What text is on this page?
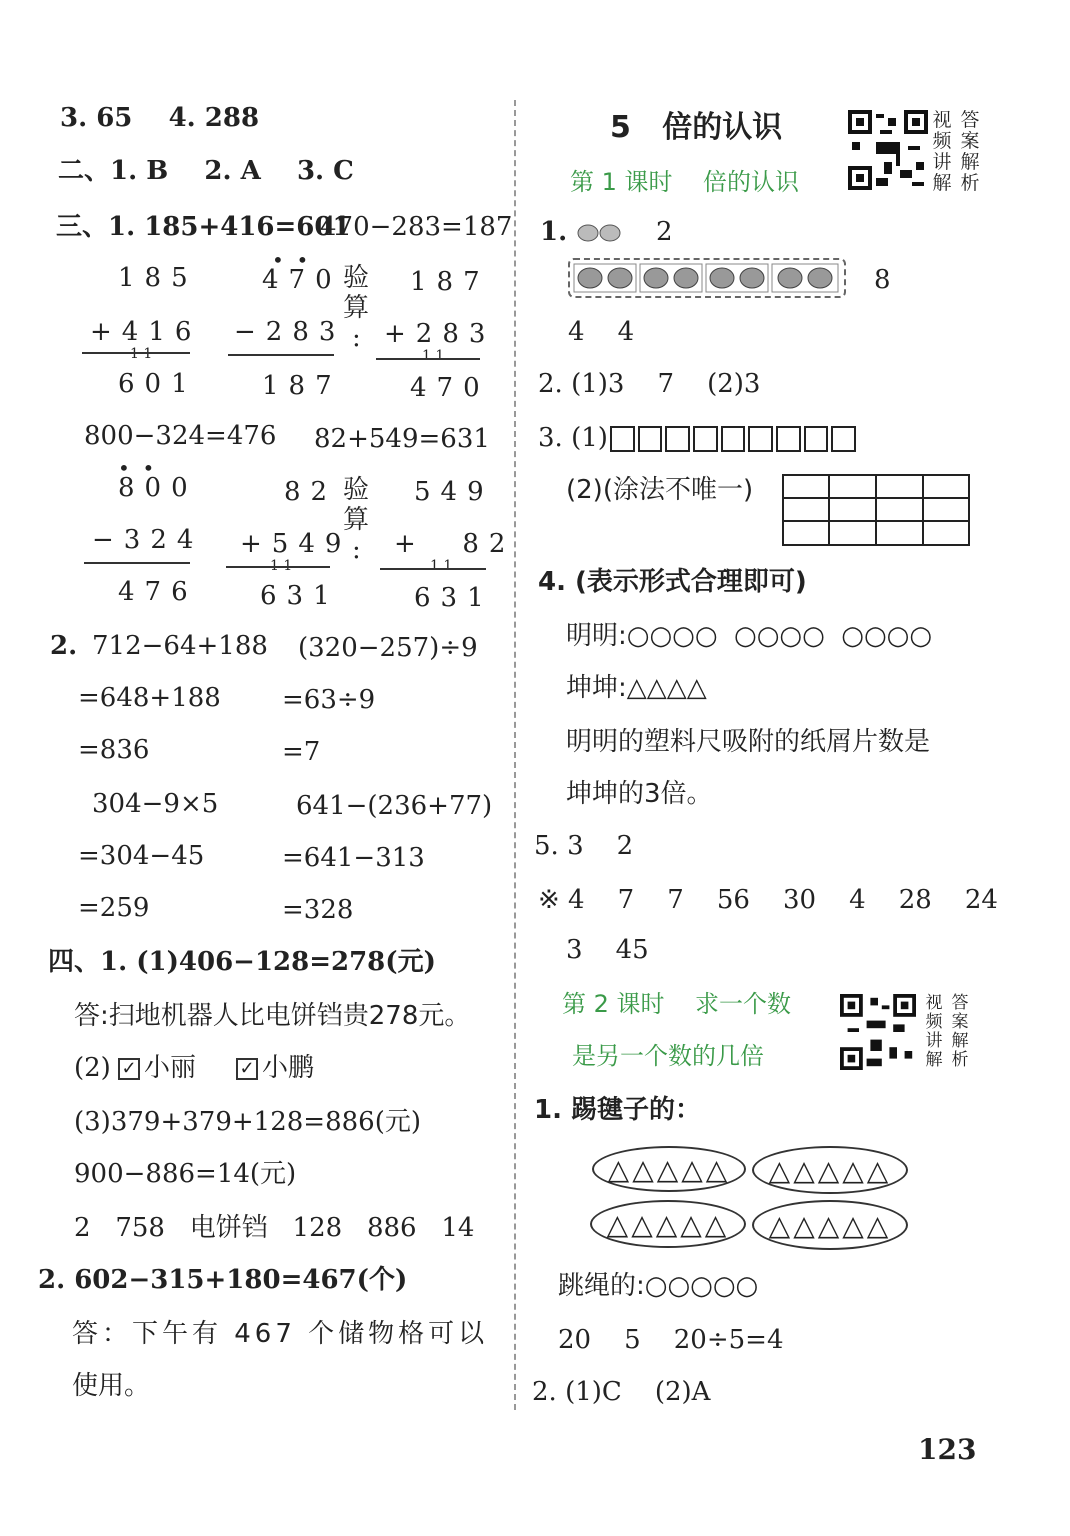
3. 65    4. 288
二、1. B    2. A    3. C
三、1. 185+416=601
470−283=187
•  •
185
+416
1 1
601
470
−283
187
验
算
:
187
+283
1 1
470
800−324=476 82+549=631
•  •
800
−324
476
82
+549
1 1
631
验
算
:
549
+  82
1 1
631
2. 712−64+188 (320−257)÷9
=648+188 =63÷9
=836	=7
304−9×5	641−(236+77)
=304−45	=641−313
=259	=328
四、1. (1)406−128=278(元)
答:扫地机器人比电饼铛贵278元。
(2) ✓ 小丽 ✓ 小鹏
(3)379+379+128=886(元)
900−886=14(元)
2   758   电饼铛   128   886   14
2. 602−315+180=467(个)
答：下午有 467 个储物格可以
使用。
5   倍的认识	视
频
讲
解
答
案
解
析
第 1 课时    倍的认识
1.	2
8
4    4
2. (1)3    7    (2)3
3. (1)
(2)(涂法不唯一)
4. (表示形式合理即可)
明明:○○○○  ○○○○  ○○○○
坤坤:△△△△
明明的塑料尺吸附的纸屑片数是
坤坤的3倍。
5. 3    2
※ 4    7    7    56    30    4    28    24
3    45
第 2 课时    求一个数
是另一个数的几倍
视
频
讲
解
答
案
解
析
1. 踢毽子的：
△△△△△ △△△△△
△△△△△ △△△△△
跳绳的:○○○○○
20    5    20÷5=4
2. (1)C    (2)A
123
